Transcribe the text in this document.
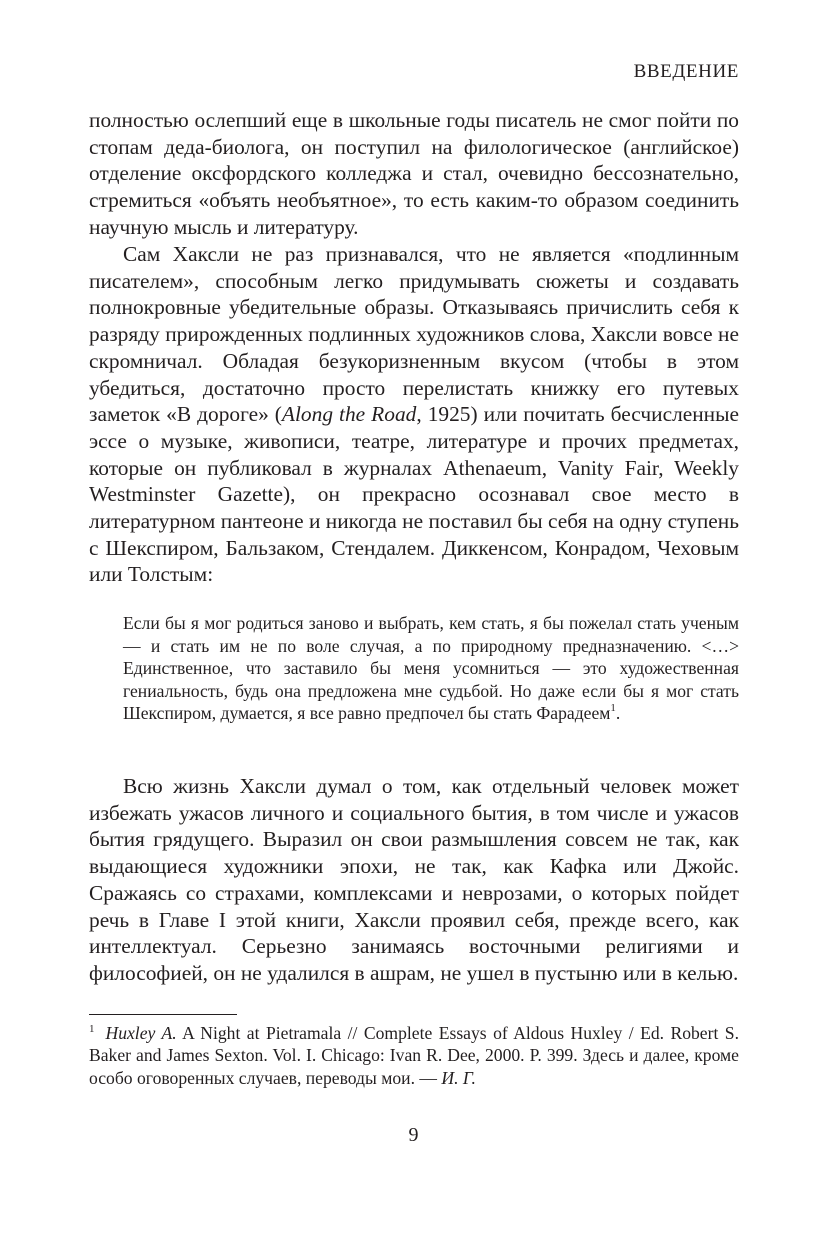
ВВЕДЕНИЕ

полностью ослепший еще в школьные годы писатель не смог пойти по стопам деда-биолога, он поступил на филологическое (английское) отделение оксфордского колледжа и стал, очевидно бессознательно, стремиться «объять необъятное», то есть каким-то образом соединить научную мысль и литературу.

Сам Хаксли не раз признавался, что не является «подлинным писателем», способным легко придумывать сюжеты и создавать полнокровные убедительные образы. Отказываясь причислить себя к разряду прирожденных подлинных художников слова, Хаксли вовсе не скромничал. Обладая безукоризненным вкусом (чтобы в этом убедиться, достаточно просто перелистать книжку его путевых заметок «В дороге» (Along the Road, 1925) или почитать бесчисленные эссе о музыке, живописи, театре, литературе и прочих предметах, которые он публиковал в журналах Athenaeum, Vanity Fair, Weekly Westminster Gazette), он прекрасно осознавал свое место в литературном пантеоне и никогда не поставил бы себя на одну ступень с Шекспиром, Бальзаком, Стендалем. Диккенсом, Конрадом, Чеховым или Толстым:

Если бы я мог родиться заново и выбрать, кем стать, я бы пожелал стать ученым — и стать им не по воле случая, а по природному предназначению. <…> Единственное, что заставило бы меня усомниться — это художественная гениальность, будь она предложена мне судьбой. Но даже если бы я мог стать Шекспиром, думается, я все равно предпочел бы стать Фарадеем$^1$.

Всю жизнь Хаксли думал о том, как отдельный человек может избежать ужасов личного и социального бытия, в том числе и ужасов бытия грядущего. Выразил он свои размышления совсем не так, как выдающиеся художники эпохи, не так, как Кафка или Джойс. Сражаясь со страхами, комплексами и неврозами, о которых пойдет речь в Главе I этой книги, Хаксли проявил себя, прежде всего, как интеллектуал. Серьезно занимаясь восточными религиями и философией, он не удалился в ашрам, не ушел в пустыню или в келью.

$^1$ Huxley A. A Night at Pietramala // Complete Essays of Aldous Huxley / Ed. Robert S. Baker and James Sexton. Vol. I. Chicago: Ivan R. Dee, 2000. P. 399. Здесь и далее, кроме особо оговоренных случаев, переводы мои. — И. Г.
9
